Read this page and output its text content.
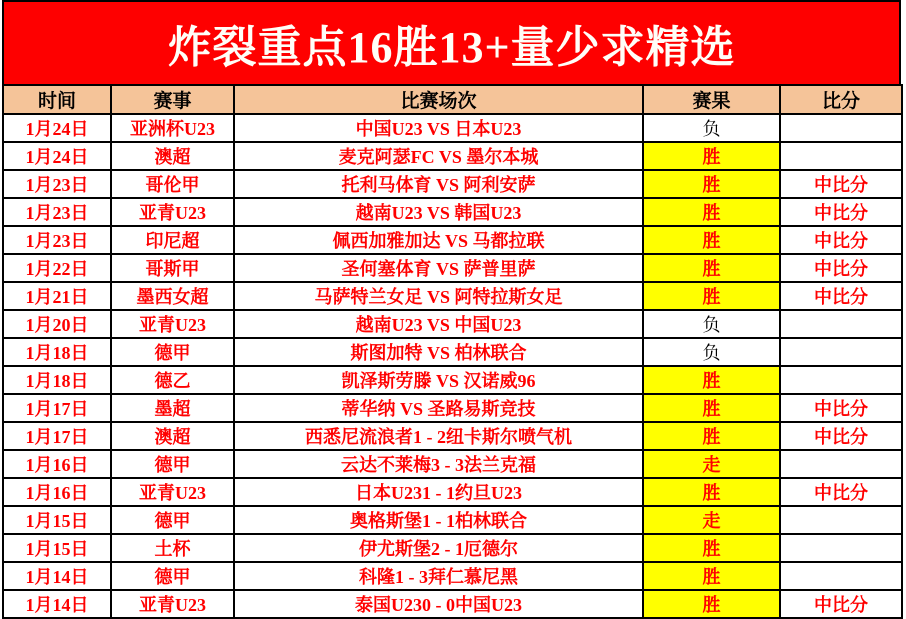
炸裂重点16胜13+量少求精选
时间	赛事	比赛场次	赛果	比分
1月24日	亚洲杯U23	中国U23 VS 日本U23	负	
1月24日	澳超	麦克阿瑟FC VS 墨尔本城	胜	
1月23日	哥伦甲	托利马体育 VS 阿利安萨	胜	中比分
1月23日	亚青U23	越南U23 VS 韩国U23	胜	中比分
1月23日	印尼超	佩西加雅加达 VS 马都拉联	胜	中比分
1月22日	哥斯甲	圣何塞体育 VS 萨普里萨	胜	中比分
1月21日	墨西女超	马萨特兰女足 VS 阿特拉斯女足	胜	中比分
1月20日	亚青U23	越南U23 VS 中国U23	负	
1月18日	德甲	斯图加特 VS 柏林联合	负	
1月18日	德乙	凯泽斯劳滕 VS 汉诺威96	胜	
1月17日	墨超	蒂华纳 VS 圣路易斯竞技	胜	中比分
1月17日	澳超	西悉尼流浪者1 - 2纽卡斯尔喷气机	胜	中比分
1月16日	德甲	云达不莱梅3 - 3法兰克福	走	
1月16日	亚青U23	日本U231 - 1约旦U23	胜	中比分
1月15日	德甲	奥格斯堡1 - 1柏林联合	走	
1月15日	土杯	伊尤斯堡2 - 1厄德尔	胜	
1月14日	德甲	科隆1 - 3拜仁慕尼黑	胜	
1月14日	亚青U23	泰国U230 - 0中国U23	胜	中比分
